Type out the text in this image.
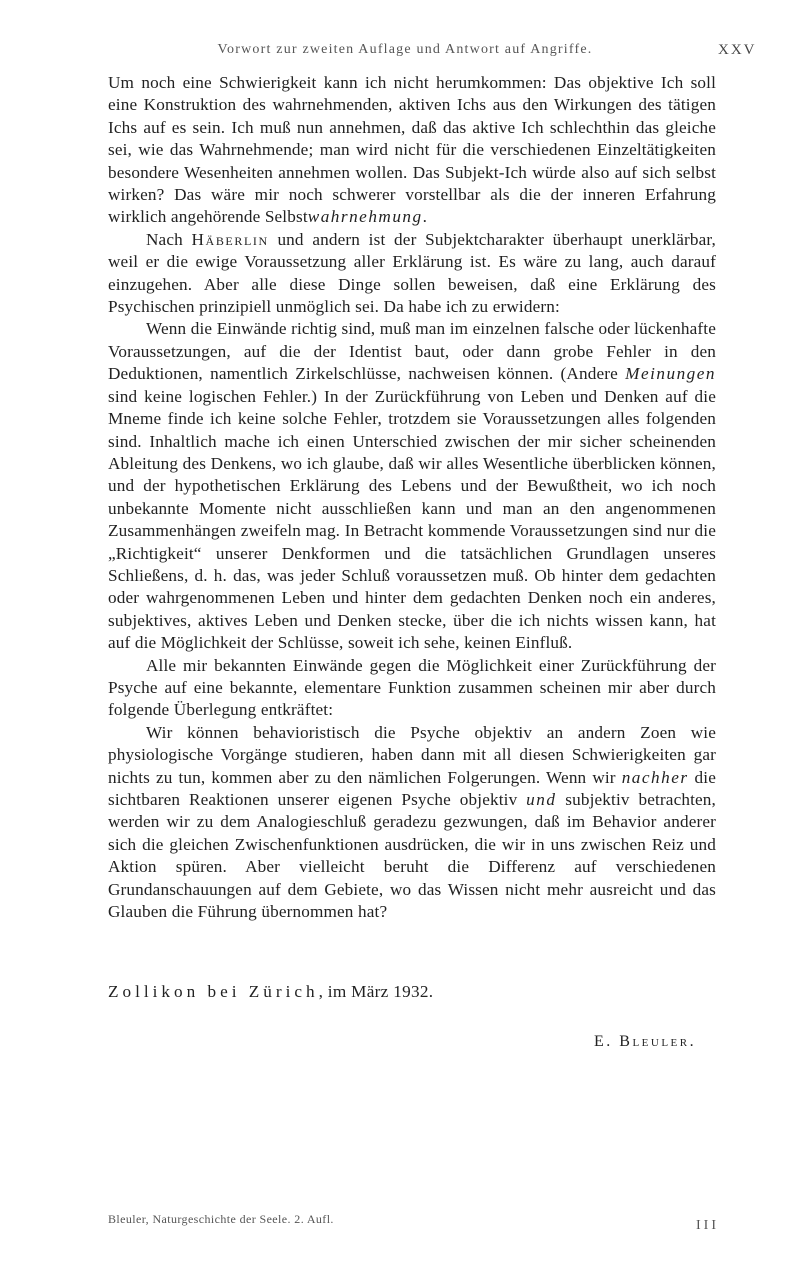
Vorwort zur zweiten Auflage und Antwort auf Angriffe.	XXV

Um noch eine Schwierigkeit kann ich nicht herumkommen: Das objektive Ich soll eine Konstruktion des wahrnehmenden, aktiven Ichs aus den Wirkungen des tätigen Ichs auf es sein. Ich muß nun annehmen, daß das aktive Ich schlechthin das gleiche sei, wie das Wahrnehmende; man wird nicht für die verschiedenen Einzeltätigkeiten besondere Wesenheiten annehmen wollen. Das Subjekt-Ich würde also auf sich selbst wirken? Das wäre mir noch schwerer vorstellbar als die der inneren Erfahrung wirklich angehörende Selbstwahrnehmung.

Nach Häberlin und andern ist der Subjektcharakter überhaupt unerklärbar, weil er die ewige Voraussetzung aller Erklärung ist. Es wäre zu lang, auch darauf einzugehen. Aber alle diese Dinge sollen beweisen, daß eine Erklärung des Psychischen prinzipiell unmöglich sei. Da habe ich zu erwidern:

Wenn die Einwände richtig sind, muß man im einzelnen falsche oder lückenhafte Voraussetzungen, auf die der Identist baut, oder dann grobe Fehler in den Deduktionen, namentlich Zirkelschlüsse, nachweisen können. (Andere Meinungen sind keine logischen Fehler.) In der Zurückführung von Leben und Denken auf die Mneme finde ich keine solche Fehler, trotzdem sie Voraussetzungen alles folgenden sind. Inhaltlich mache ich einen Unterschied zwischen der mir sicher scheinenden Ableitung des Denkens, wo ich glaube, daß wir alles Wesentliche überblicken können, und der hypothetischen Erklärung des Lebens und der Bewußtheit, wo ich noch unbekannte Momente nicht ausschließen kann und man an den angenommenen Zusammenhängen zweifeln mag. In Betracht kommende Voraussetzungen sind nur die „Richtigkeit“ unserer Denkformen und die tatsächlichen Grundlagen unseres Schließens, d. h. das, was jeder Schluß voraussetzen muß. Ob hinter dem gedachten oder wahrgenommenen Leben und hinter dem gedachten Denken noch ein anderes, subjektives, aktives Leben und Denken stecke, über die ich nichts wissen kann, hat auf die Möglichkeit der Schlüsse, soweit ich sehe, keinen Einfluß.

Alle mir bekannten Einwände gegen die Möglichkeit einer Zurückführung der Psyche auf eine bekannte, elementare Funktion zusammen scheinen mir aber durch folgende Überlegung entkräftet:

Wir können behavioristisch die Psyche objektiv an andern Zoen wie physiologische Vorgänge studieren, haben dann mit all diesen Schwierigkeiten gar nichts zu tun, kommen aber zu den nämlichen Folgerungen. Wenn wir nachher die sichtbaren Reaktionen unserer eigenen Psyche objektiv und subjektiv betrachten, werden wir zu dem Analogieschluß geradezu gezwungen, daß im Behavior anderer sich die gleichen Zwischenfunktionen ausdrücken, die wir in uns zwischen Reiz und Aktion spüren. Aber vielleicht beruht die Differenz auf verschiedenen Grundanschauungen auf dem Gebiete, wo das Wissen nicht mehr ausreicht und das Glauben die Führung übernommen hat?

Zollikon bei Zürich, im März 1932.
E. Bleuler.
Bleuler, Naturgeschichte der Seele. 2. Aufl.	III
